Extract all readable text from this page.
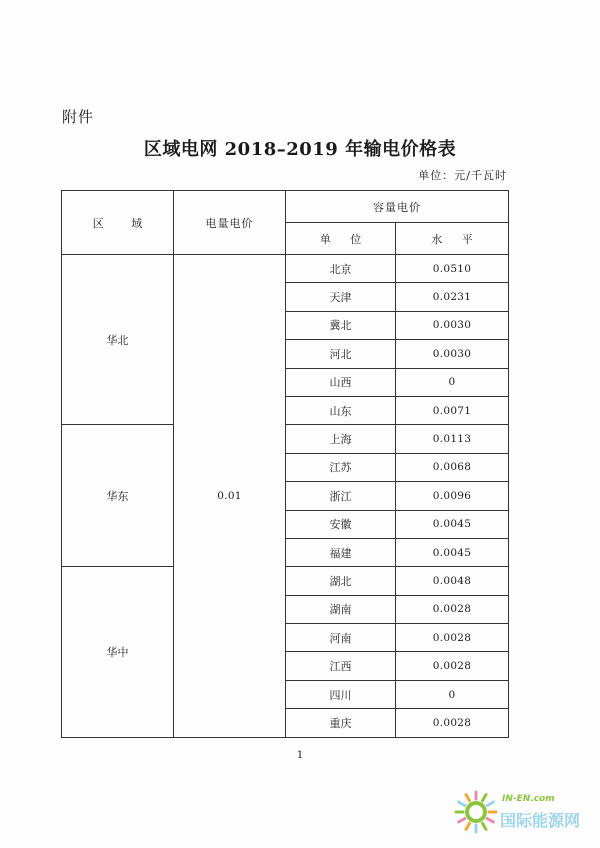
附件
区域电网 2018–2019 年输电价格表
单位：元/千瓦时
区 域	电量电价	容量电价	
		单 位	水 平
华北	0.01	北京	0.0510
		天津	0.0231
		冀北	0.0030
		河北	0.0030
		山西	0
		山东	0.0071
华东		上海	0.0113
		江苏	0.0068
		浙江	0.0096
		安徽	0.0045
		福建	0.0045
华中		湖北	0.0048
		湖南	0.0028
		河南	0.0028
		江西	0.0028
		四川	0
		重庆	0.0028
1
IN-EN.com
国际能源网
